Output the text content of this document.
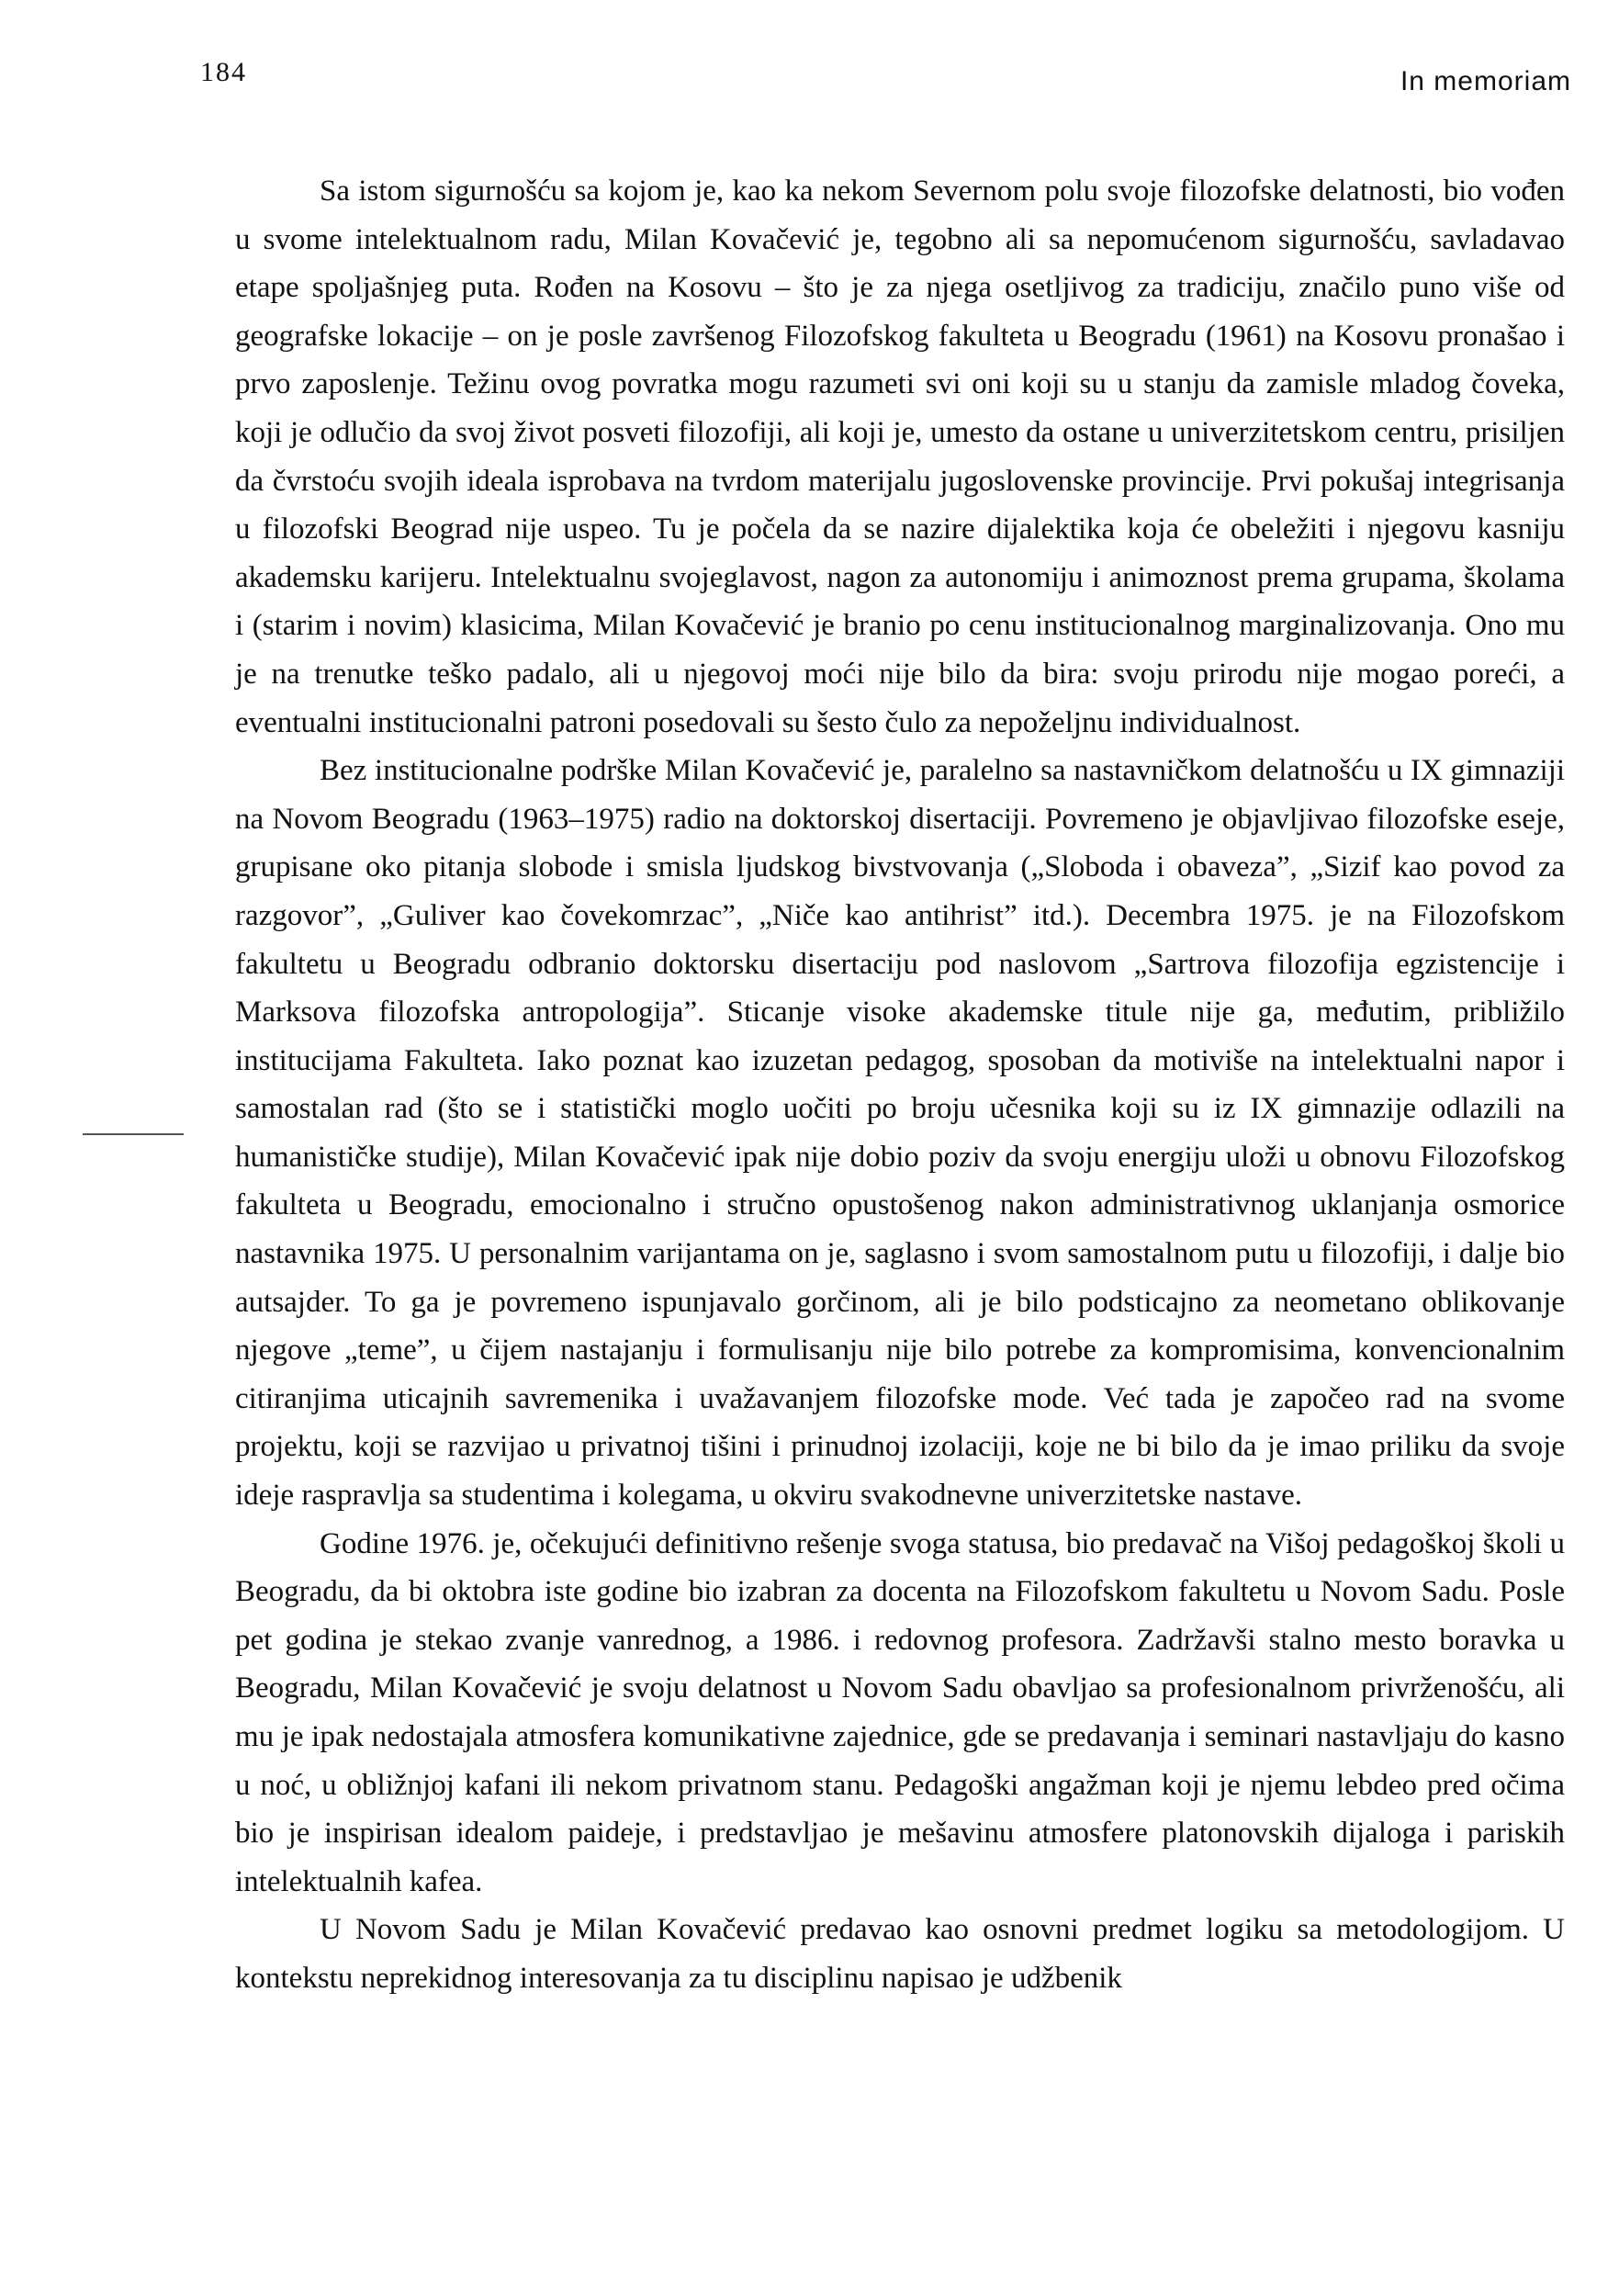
184	In memoriam

Sa istom sigurnošću sa kojom je, kao ka nekom Severnom polu svoje filozofske delatnosti, bio vođen u svome intelektualnom radu, Milan Kovačević je, tegobno ali sa nepomućenom sigurnošću, savladavao etape spoljašnjeg puta. Rođen na Kosovu – što je za njega osetljivog za tradiciju, značilo puno više od geografske lokacije – on je posle završenog Filozofskog fakulteta u Beogradu (1961) na Kosovu pronašao i prvo zaposlenje. Težinu ovog povratka mogu razumeti svi oni koji su u stanju da zamisle mladog čoveka, koji je odlučio da svoj život posveti filozofiji, ali koji je, umesto da ostane u univerzitetskom centru, prisiljen da čvrstoću svojih ideala isprobava na tvrdom materijalu jugoslovenske provincije. Prvi pokušaj integrisanja u filozofski Beograd nije uspeo. Tu je počela da se nazire dijalektika koja će obeležiti i njegovu kasniju akademsku karijeru. Intelektualnu svojeglavost, nagon za autonomiju i animoznost prema grupama, školama i (starim i novim) klasicima, Milan Kovačević je branio po cenu institucionalnog marginalizovanja. Ono mu je na trenutke teško padalo, ali u njegovoj moći nije bilo da bira: svoju prirodu nije mogao poreći, a eventualni institucionalni patroni posedovali su šesto čulo za nepoželjnu individualnost.

Bez institucionalne podrške Milan Kovačević je, paralelno sa nastavničkom delatnošću u IX gimnaziji na Novom Beogradu (1963–1975) radio na doktorskoj disertaciji. Povremeno je objavljivao filozofske eseje, grupisane oko pitanja slobode i smisla ljudskog bivstvovanja („Sloboda i obaveza”, „Sizif kao povod za razgovor”, „Guliver kao čovekomrzac”, „Niče kao antihrist” itd.). Decembra 1975. je na Filozofskom fakultetu u Beogradu odbranio doktorsku disertaciju pod naslovom „Sartrova filozofija egzistencije i Marksova filozofska antropologija”. Sticanje visoke akademske titule nije ga, međutim, približilo institucijama Fakulteta. Iako poznat kao izuzetan pedagog, sposoban da motiviše na intelektualni napor i samostalan rad (što se i statistički moglo uočiti po broju učesnika koji su iz IX gimnazije odlazili na humanističke studije), Milan Kovačević ipak nije dobio poziv da svoju energiju uloži u obnovu Filozofskog fakulteta u Beogradu, emocionalno i stručno opustošenog nakon administrativnog uklanjanja osmorice nastavnika 1975. U personalnim varijantama on je, saglasno i svom samostalnom putu u filozofiji, i dalje bio autsajder. To ga je povremeno ispunjavalo gorčinom, ali je bilo podsticajno za neometano oblikovanje njegove „teme”, u čijem nastajanju i formulisanju nije bilo potrebe za kompromisima, konvencionalnim citiranjima uticajnih savremenika i uvažavanjem filozofske mode. Već tada je započeo rad na svome projektu, koji se razvijao u privatnoj tišini i prinudnoj izolaciji, koje ne bi bilo da je imao priliku da svoje ideje raspravlja sa studentima i kolegama, u okviru svakodnevne univerzitetske nastave.

Godine 1976. je, očekujući definitivno rešenje svoga statusa, bio predavač na Višoj pedagoškoj školi u Beogradu, da bi oktobra iste godine bio izabran za docenta na Filozofskom fakultetu u Novom Sadu. Posle pet godina je stekao zvanje vanrednog, a 1986. i redovnog profesora. Zadržavši stalno mesto boravka u Beogradu, Milan Kovačević je svoju delatnost u Novom Sadu obavljao sa profesionalnom privrženošću, ali mu je ipak nedostajala atmosfera komunikativne zajednice, gde se predavanja i seminari nastavljaju do kasno u noć, u obližnjoj kafani ili nekom privatnom stanu. Pedagoški angažman koji je njemu lebdeo pred očima bio je inspirisan idealom paideje, i predstavljao je mešavinu atmosfere platonovskih dijaloga i pariskih intelektualnih kafea.

U Novom Sadu je Milan Kovačević predavao kao osnovni predmet logiku sa metodologijom. U kontekstu neprekidnog interesovanja za tu disciplinu napisao je udžbenik
